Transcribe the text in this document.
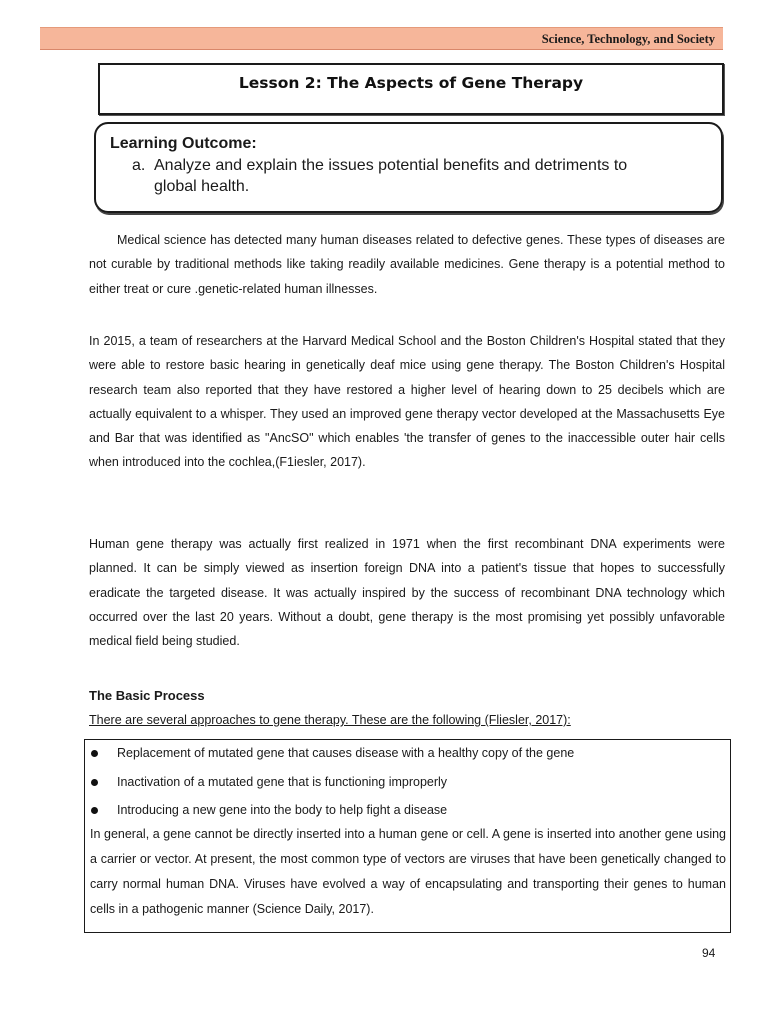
Science, Technology, and Society
Lesson 2: The Aspects of Gene Therapy
Learning Outcome:
a. Analyze and explain the issues potential benefits and detriments to
global health.

Medical science has detected many human diseases related to defective genes. These types of diseases are not curable by traditional methods like taking readily available medicines. Gene therapy is a potential method to either treat or cure .genetic-related human illnesses.

In 2015, a team of researchers at the Harvard Medical School and the Boston Children's Hospital stated that they were able to restore basic hearing in genetically deaf mice using gene therapy. The Boston Children's Hospital research team also reported that they have restored a higher level of hearing down to 25 decibels which are actually equivalent to a whisper. They used an improved gene therapy vector developed at the Massachusetts Eye and Bar that was identified as "AncSO" which enables 'the transfer of genes to the inaccessible outer hair cells when introduced into the cochlea,(F1iesler, 2017).

Human gene therapy was actually first realized in 1971 when the first recombinant DNA experiments were planned. It can be simply viewed as insertion foreign DNA into a patient's tissue that hopes to successfully eradicate the targeted disease. It was actually inspired by the success of recombinant DNA technology which occurred over the last 20 years. Without a doubt, gene therapy is the most promising yet possibly unfavorable medical field being studied.

The Basic Process
There are several approaches to gene therapy. These are the following (Fliesler, 2017):
Replacement of mutated gene that causes disease with a healthy copy of the gene
Inactivation of a mutated gene that is functioning improperly
Introducing a new gene into the body to help fight a disease

In general, a gene cannot be directly inserted into a human gene or cell. A gene is inserted into another gene using a carrier or vector. At present, the most common type of vectors are viruses that have been genetically changed to carry normal human DNA. Viruses have evolved a way of encapsulating and transporting their genes to human cells in a pathogenic manner (Science Daily, 2017).

94
